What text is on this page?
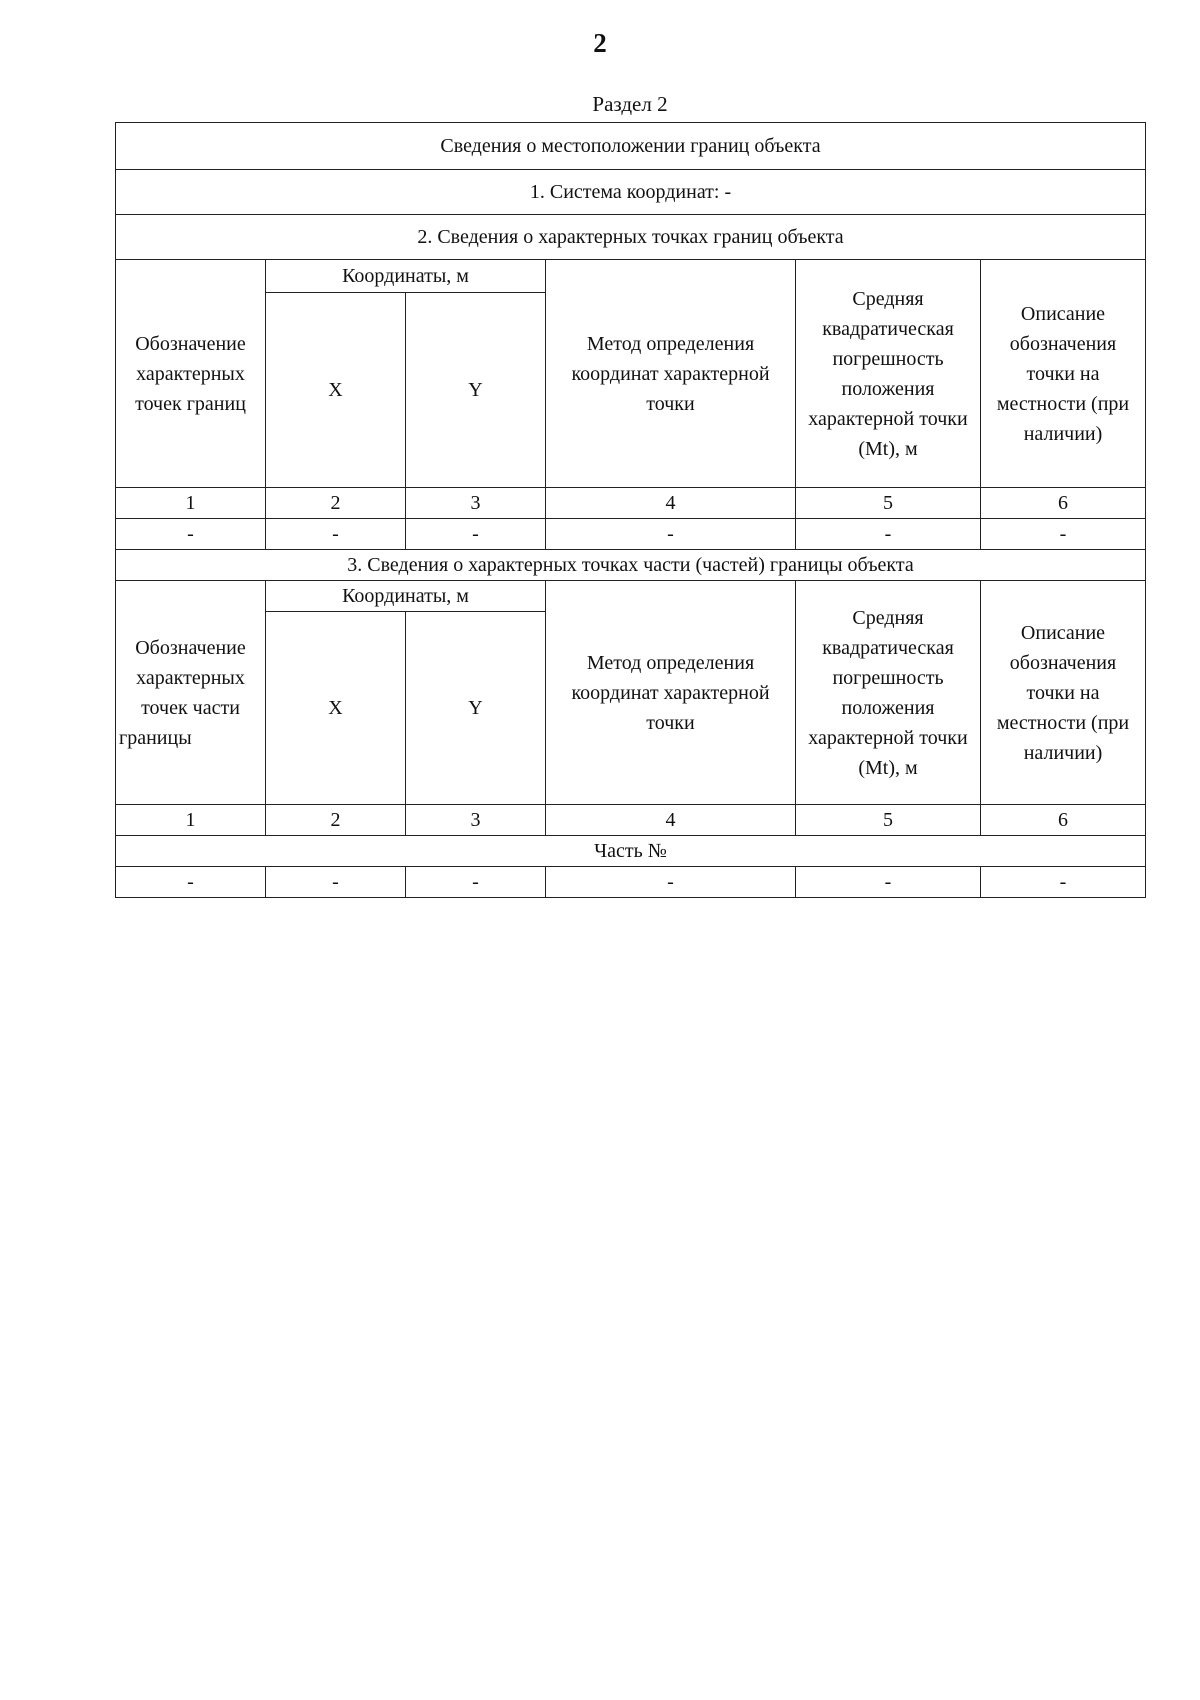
2
Раздел 2
Сведения о местоположении границ объекта					
1. Система координат: -					
2. Сведения о характерных точках границ объекта					
Обозначение характерных точек границ	Координаты, м		Метод определения координат характерной точки	Средняя квадратическая погрешность положения характерной точки (Mt), м	Описание обозначения точки на местности (при наличии)
	X	Y			
1	2	3	4	5	6
-	-	-	-	-	-
3. Сведения о характерных точках части (частей) границы объекта					
Обозначение характерных точек части границы	Координаты, м		Метод определения координат характерной точки	Средняя квадратическая погрешность положения характерной точки (Mt), м	Описание обозначения точки на местности (при наличии)
	X	Y			
1	2	3	4	5	6
Часть №					
-	-	-	-	-	-
